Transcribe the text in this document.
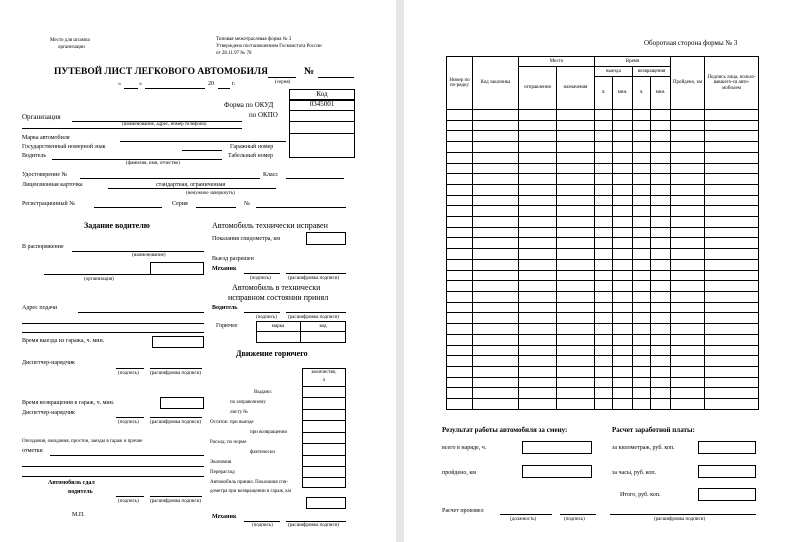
Место для штампа
организации
Типовая межотраслевая форма № 3
Утверждена постановлением Госкомстата России
от 28.11.97 № 78
ПУТЕВОЙ ЛИСТ ЛЕГКОВОГО АВТОМОБИЛЯ	№
(серия)
«	»	20	г.
Код
0345001
Форма по ОКУД
по ОКПО
Организация
(наименование, адрес, номер телефона)
Марка автомобиля
Государственный номерной знак	Гаражный номер
Водитель	Табельный номер
(фамилия, имя, отчество)
Удостоверение №	Класс
Лицензионная карточка	стандартная, ограниченная
(ненужное зачеркнуть)
Регистрационный №	Серия	№
Задание водителю
В распоряжение
(наименование)
(организация)
Адрес подачи
Время выезда из гаража, ч. мин.
Диспетчер-нарядчик
(подпись) (расшифровка подписи)
Время возвращения в гараж, ч. мин.
Диспетчер-нарядчик
(подпись) (расшифровка подписи)
Опоздания, ожидания, простои, заезды в гараж и прочие
отметки
Автомобиль сдал
водитель
(подпись) (расшифровка подписи)
М.П.
Автомобиль технически исправен
Показания спидометра, км
Выезд разрешен
Механик
(подпись)	(расшифровка подписи)
Автомобиль в технически
исправном состоянии принял
Водитель
(подпись) (расшифровка подписи)
Горючее	марка	код
Движение горючего
количество,
л
Выдано:
по заправочному
листу №
Остаток: при выезде
при возвращении
Расход: по норме
фактически
Экономия
Перерасход
Автомобиль принял. Показания спи-
дометра при возвращении в гараж, км
Механик
(подпись)	(расшифровка подписи)
Оборотная сторона формы № 3
Номер по по-рядку	Код заказчика	Место		Время				Пройдено, км	Подпись лица, пользо-вавшего-ся авто-мобилем
		отправления	назначения	выезда		возвращения			
				ч.	мин.	ч.	мин.		

Результат работы автомобиля за смену:
всего в наряде, ч.
пройдено, км
Расчет заработной платы:
за километраж, руб. коп.
за часы, руб. коп.
Итого, руб. коп.
Расчет произвел
(должность)	(подпись)	(расшифровка подписи)
